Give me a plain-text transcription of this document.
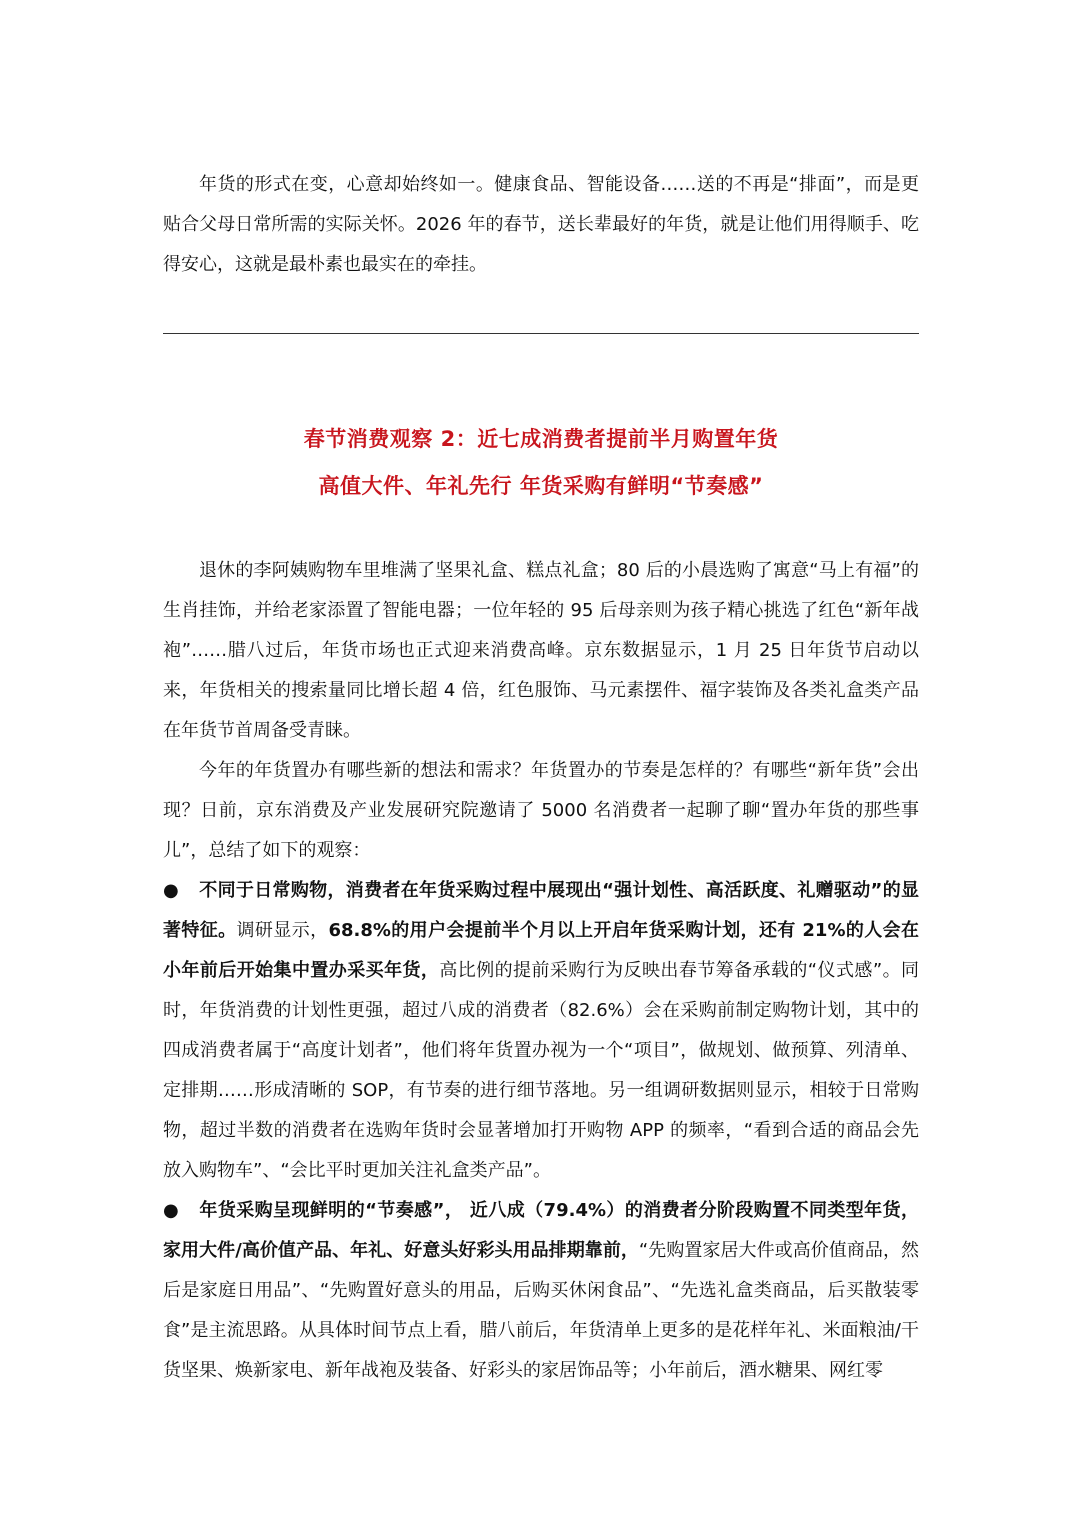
年货的形式在变，心意却始终如一。健康食品、智能设备……送的不再是“排面”，而是更贴合父母日常所需的实际关怀。2026 年的春节，送长辈最好的年货，就是让他们用得顺手、吃得安心，这就是最朴素也最实在的牵挂。

春节消费观察 2：近七成消费者提前半月购置年货
高值大件、年礼先行 年货采购有鲜明“节奏感”

退休的李阿姨购物车里堆满了坚果礼盒、糕点礼盒；80 后的小晨选购了寓意“马上有福”的生肖挂饰，并给老家添置了智能电器；一位年轻的 95 后母亲则为孩子精心挑选了红色“新年战袍”……腊八过后，年货市场也正式迎来消费高峰。京东数据显示，1 月 25 日年货节启动以来，年货相关的搜索量同比增长超 4 倍，红色服饰、马元素摆件、福字装饰及各类礼盒类产品在年货节首周备受青睐。

今年的年货置办有哪些新的想法和需求？年货置办的节奏是怎样的？有哪些“新年货”会出现？日前，京东消费及产业发展研究院邀请了 5000 名消费者一起聊了聊“置办年货的那些事儿”，总结了如下的观察：

● 不同于日常购物，消费者在年货采购过程中展现出“强计划性、高活跃度、礼赠驱动”的显著特征。调研显示，68.8%的用户会提前半个月以上开启年货采购计划，还有 21%的人会在小年前后开始集中置办采买年货，高比例的提前采购行为反映出春节筹备承载的“仪式感”。同时，年货消费的计划性更强，超过八成的消费者（82.6%）会在采购前制定购物计划，其中的四成消费者属于“高度计划者”，他们将年货置办视为一个“项目”，做规划、做预算、列清单、定排期……形成清晰的 SOP，有节奏的进行细节落地。另一组调研数据则显示，相较于日常购物，超过半数的消费者在选购年货时会显著增加打开购物 APP 的频率，“看到合适的商品会先放入购物车”、“会比平时更加关注礼盒类产品”。

● 年货采购呈现鲜明的“节奏感”， 近八成（79.4%）的消费者分阶段购置不同类型年货，家用大件/高价值产品、年礼、好意头好彩头用品排期靠前，“先购置家居大件或高价值商品，然后是家庭日用品”、“先购置好意头的用品，后购买休闲食品”、“先选礼盒类商品，后买散装零食”是主流思路。从具体时间节点上看，腊八前后，年货清单上更多的是花样年礼、米面粮油/干货坚果、焕新家电、新年战袍及装备、好彩头的家居饰品等；小年前后，酒水糖果、网红零
